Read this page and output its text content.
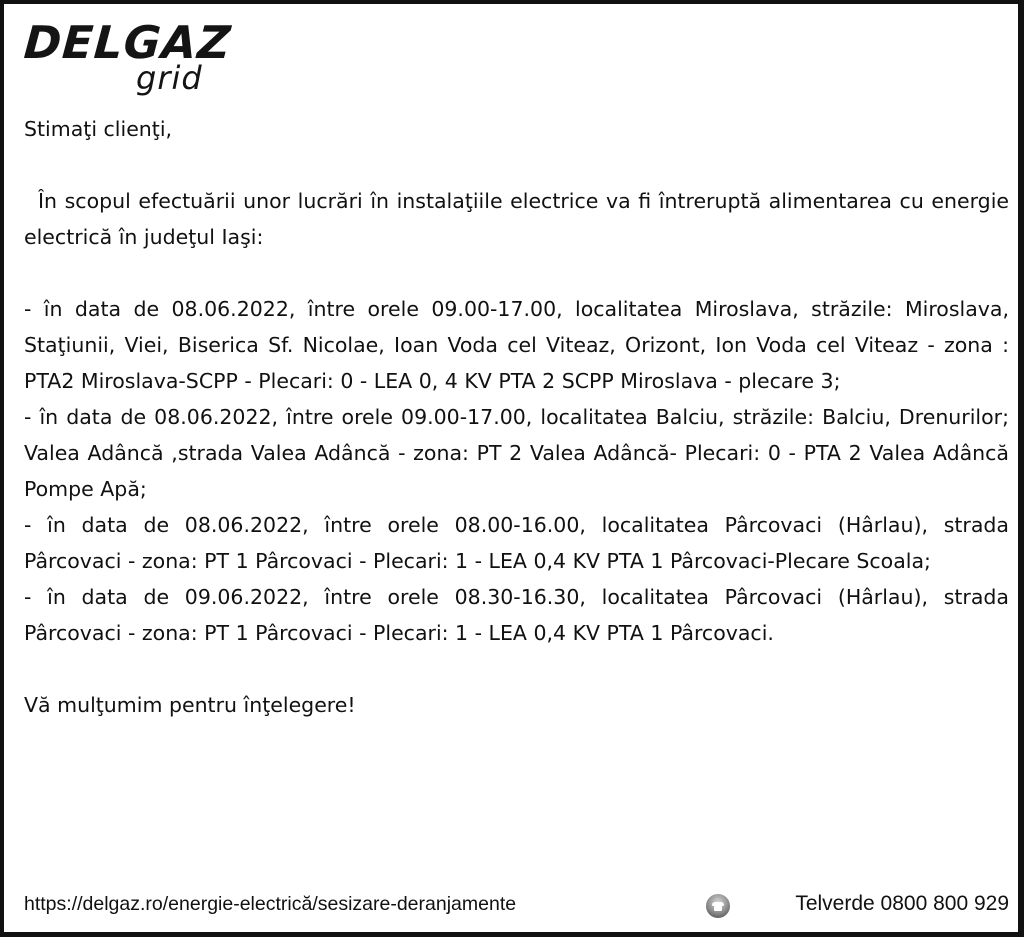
DELGAZ
grid

Stimaţi clienţi,

În scopul efectuării unor lucrări în instalaţiile electrice va fi întreruptă alimentarea cu energie electrică în judeţul Iaşi:

- în data de 08.06.2022, între orele 09.00-17.00, localitatea Miroslava, străzile: Miroslava, Staţiunii, Viei, Biserica Sf. Nicolae, Ioan Voda cel Viteaz, Orizont, Ion Voda cel Viteaz - zona : PTA2 Miroslava-SCPP - Plecari: 0 - LEA 0, 4 KV PTA 2 SCPP Miroslava - plecare 3;

- în data de 08.06.2022, între orele 09.00-17.00, localitatea Balciu, străzile: Balciu, Drenurilor; Valea Adâncă ,strada Valea Adâncă - zona: PT 2 Valea Adâncă- Plecari: 0 - PTA 2 Valea Adâncă Pompe Apă;

- în data de 08.06.2022, între orele 08.00-16.00, localitatea Pârcovaci (Hârlau), strada Pârcovaci - zona: PT 1 Pârcovaci - Plecari: 1 - LEA 0,4 KV PTA 1 Pârcovaci-Plecare Scoala;

- în data de 09.06.2022, între orele 08.30-16.30, localitatea Pârcovaci (Hârlau), strada Pârcovaci - zona: PT 1 Pârcovaci - Plecari: 1 - LEA 0,4 KV PTA 1 Pârcovaci.

Vă mulţumim pentru înţelegere!

https://delgaz.ro/energie-electrică/sesizare-deranjamente	Telverde 0800 800 929
